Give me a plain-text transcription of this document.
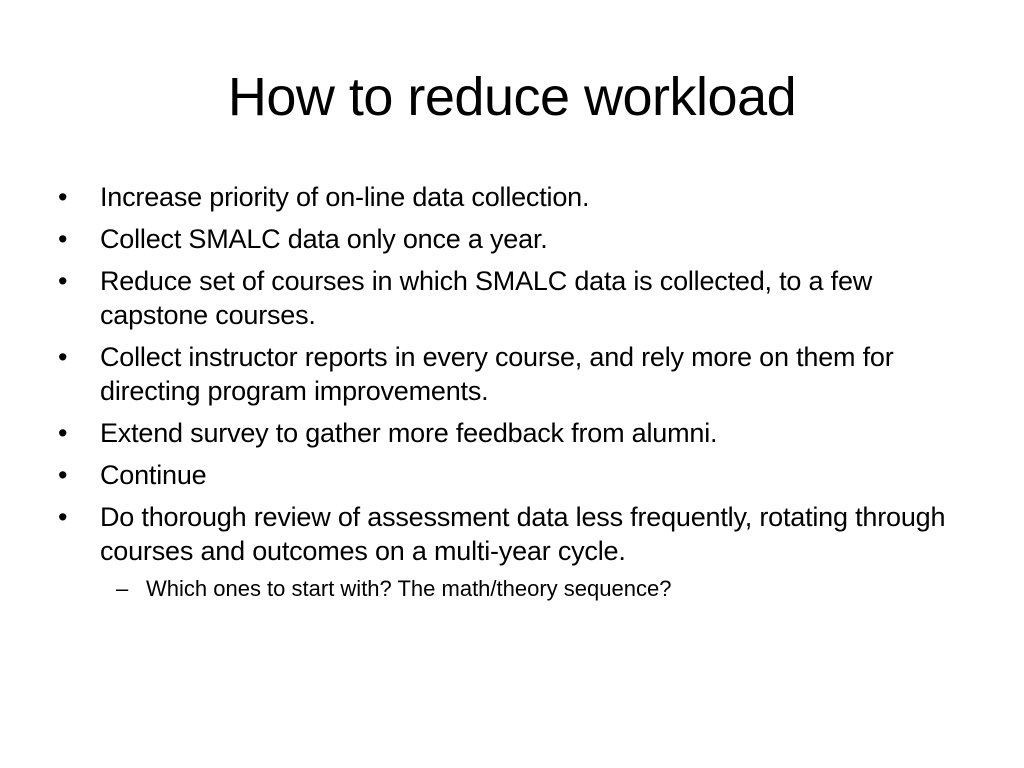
How to reduce workload
•	Increase priority of on-line data collection.
•	Collect SMALC data only once a year.
•	Reduce set of courses in which SMALC data is collected, to a few capstone courses.
•	Collect instructor reports in every course, and rely more on them for directing program improvements.
•	Extend survey to gather more feedback from alumni.
•	Continue
•	Do thorough review of assessment data less frequently, rotating through courses and outcomes on a multi-year cycle.
– Which ones to start with? The math/theory sequence?
